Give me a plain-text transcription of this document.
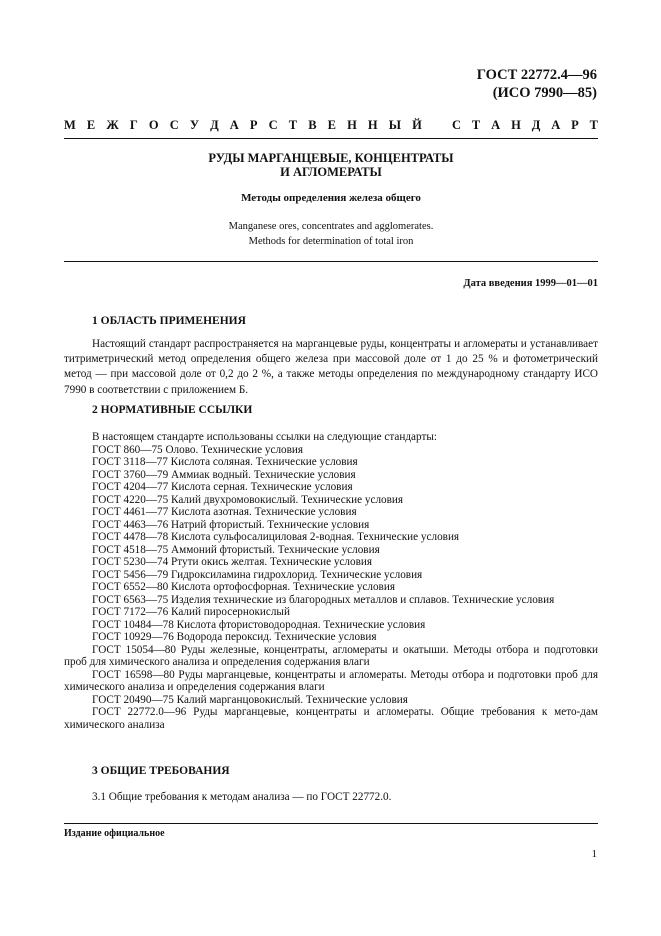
ГОСТ 22772.4—96
(ИСО 7990—85)
М Е Ж Г О С У Д А Р С Т В Е Н Н Ы Й С Т А Н Д А Р Т
РУДЫ МАРГАНЦЕВЫЕ, КОНЦЕНТРАТЫ
И АГЛОМЕРАТЫ
Методы определения железа общего
Manganese ores, concentrates and agglomerates.
Methods for determination of total iron
Дата введения 1999—01—01
1 ОБЛАСТЬ ПРИМЕНЕНИЯ
Настоящий стандарт распространяется на марганцевые руды, концентраты и агломераты и устанавливает титриметрический метод определения общего железа при массовой доле от 1 до 25 % и фотометрический метод — при массовой доле от 0,2 до 2 %, а также методы определения по международному стандарту ИСО 7990 в соответствии с приложением Б.
2 НОРМАТИВНЫЕ ССЫЛКИ
В настоящем стандарте использованы ссылки на следующие стандарты:
ГОСТ 860—75 Олово. Технические условия
ГОСТ 3118—77 Кислота соляная. Технические условия
ГОСТ 3760—79 Аммиак водный. Технические условия
ГОСТ 4204—77 Кислота серная. Технические условия
ГОСТ 4220—75 Калий двухромовокислый. Технические условия
ГОСТ 4461—77 Кислота азотная. Технические условия
ГОСТ 4463—76 Натрий фтористый. Технические условия
ГОСТ 4478—78 Кислота сульфосалициловая 2-водная. Технические условия
ГОСТ 4518—75 Аммоний фтористый. Технические условия
ГОСТ 5230—74 Ртути окись желтая. Технические условия
ГОСТ 5456—79 Гидроксиламина гидрохлорид. Технические условия
ГОСТ 6552—80 Кислота ортофосфорная. Технические условия
ГОСТ 6563—75 Изделия технические из благородных металлов и сплавов. Технические условия
ГОСТ 7172—76 Калий пиросернокислый
ГОСТ 10484—78 Кислота фтористоводородная. Технические условия
ГОСТ 10929—76 Водорода пероксид. Технические условия
ГОСТ 15054—80 Руды железные, концентраты, агломераты и окатыши. Методы отбора и подготовки проб для химического анализа и определения содержания влаги
ГОСТ 16598—80 Руды марганцевые, концентраты и агломераты. Методы отбора и подготовки проб для химического анализа и определения содержания влаги
ГОСТ 20490—75 Калий марганцовокислый. Технические условия
ГОСТ 22772.0—96 Руды марганцевые, концентраты и агломераты. Общие требования к мето-дам химического анализа
3 ОБЩИЕ ТРЕБОВАНИЯ
3.1 Общие требования к методам анализа — по ГОСТ 22772.0.
Издание официальное
1
